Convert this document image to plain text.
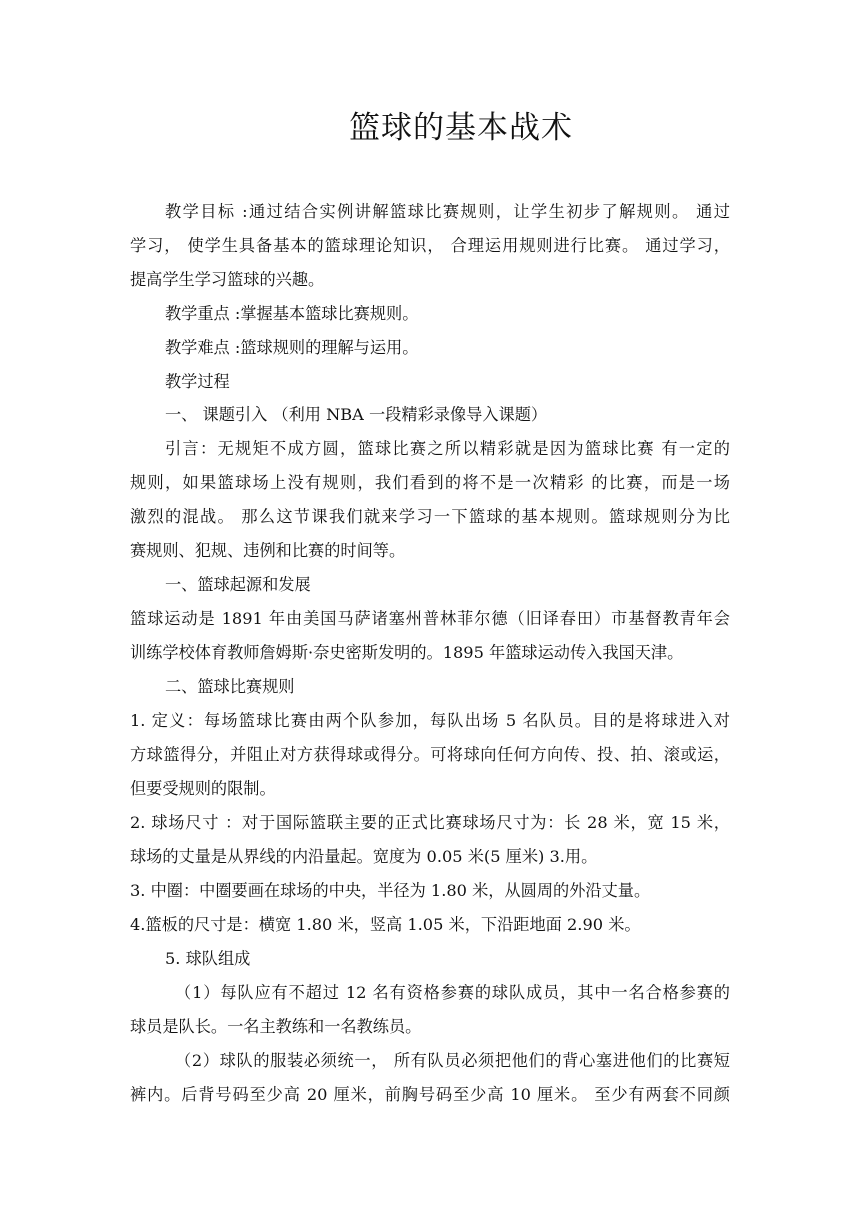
篮球的基本战术
教学目标 :通过结合实例讲解篮球比赛规则，让学生初步了解规则。 通过
学习， 使学生具备基本的篮球理论知识， 合理运用规则进行比赛。 通过学习，
提高学生学习篮球的兴趣。
教学重点 :掌握基本篮球比赛规则。
教学难点 :篮球规则的理解与运用。
教学过程
一、 课题引入 （利用 NBA 一段精彩录像导入课题）
引言：无规矩不成方圆，篮球比赛之所以精彩就是因为篮球比赛 有一定的
规则，如果篮球场上没有规则，我们看到的将不是一次精彩 的比赛，而是一场
激烈的混战。 那么这节课我们就来学习一下篮球的基本规则。篮球规则分为比
赛规则、犯规、违例和比赛的时间等。
一、篮球起源和发展
篮球运动是 1891 年由美国马萨诸塞州普林菲尔德（旧译春田）市基督教青年会
训练学校体育教师詹姆斯·奈史密斯发明的。1895 年篮球运动传入我国天津。
二、篮球比赛规则
1. 定义：每场篮球比赛由两个队参加，每队出场 5 名队员。目的是将球进入对
方球篮得分，并阻止对方获得球或得分。可将球向任何方向传、投、拍、滚或运，
但要受规则的限制。
2. 球场尺寸 ：对于国际篮联主要的正式比赛球场尺寸为：长 28 米，宽 15 米，
球场的丈量是从界线的内沿量起。宽度为 0.05 米(5 厘米) 3.用。
3. 中圈：中圈要画在球场的中央，半径为 1.80 米，从圆周的外沿丈量。
4.篮板的尺寸是：横宽 1.80 米，竖高 1.05 米，下沿距地面 2.90 米。
5. 球队组成
（1）每队应有不超过 12 名有资格参赛的球队成员，其中一名合格参赛的
球员是队长。一名主教练和一名教练员。
（2）球队的服装必须统一， 所有队员必须把他们的背心塞进他们的比赛短
裤内。后背号码至少高 20 厘米，前胸号码至少高 10 厘米。 至少有两套不同颜
